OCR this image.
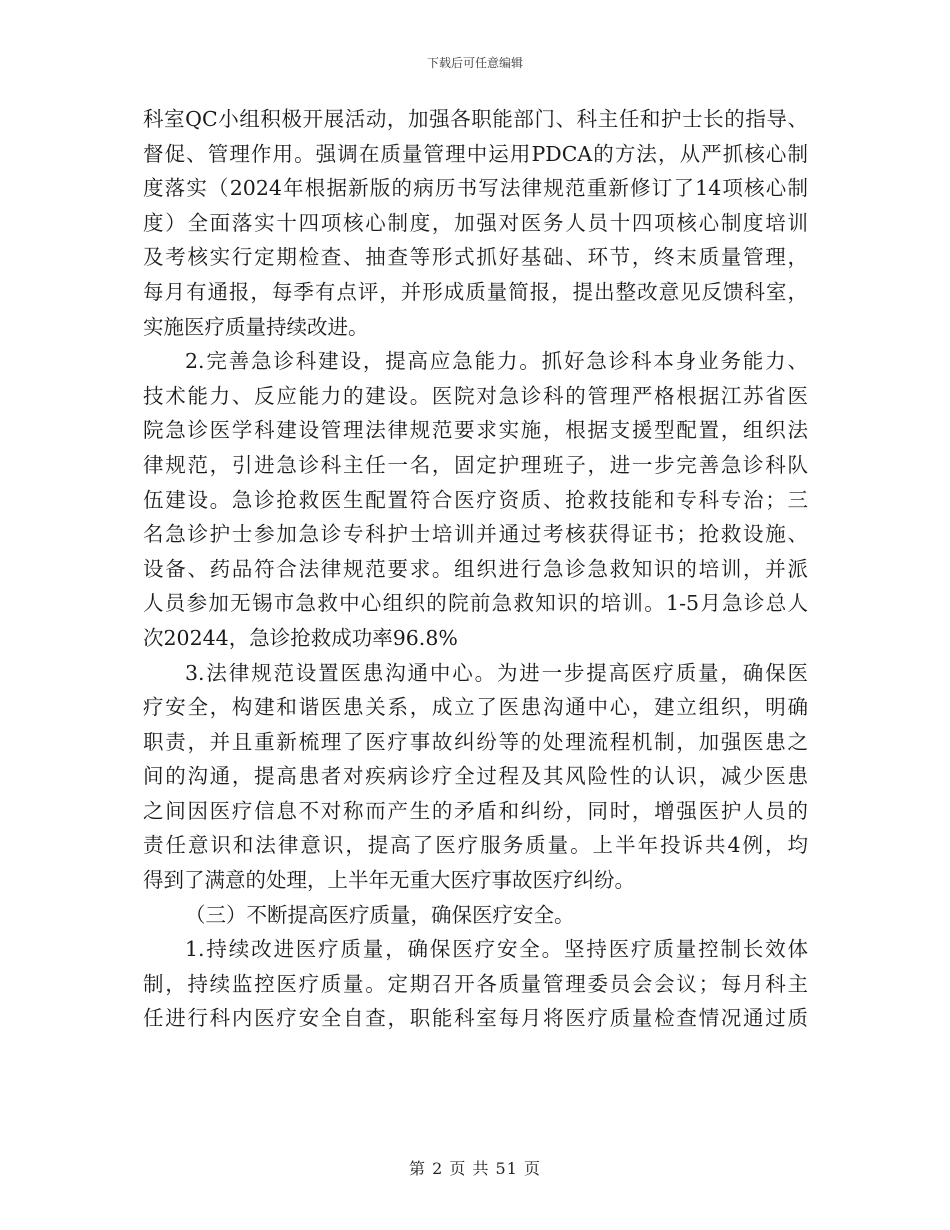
下载后可任意编辑
科室QC小组积极开展活动，加强各职能部门、科主任和护士长的指导、
督促、管理作用。强调在质量管理中运用PDCA的方法，从严抓核心制
度落实（2024年根据新版的病历书写法律规范重新修订了14项核心制
度）全面落实十四项核心制度，加强对医务人员十四项核心制度培训
及考核实行定期检查、抽查等形式抓好基础、环节，终末质量管理，
每月有通报，每季有点评，并形成质量简报，提出整改意见反馈科室，
实施医疗质量持续改进。
2.完善急诊科建设，提高应急能力。抓好急诊科本身业务能力、
技术能力、反应能力的建设。医院对急诊科的管理严格根据江苏省医
院急诊医学科建设管理法律规范要求实施，根据支援型配置，组织法
律规范，引进急诊科主任一名，固定护理班子，进一步完善急诊科队
伍建设。急诊抢救医生配置符合医疗资质、抢救技能和专科专治；三
名急诊护士参加急诊专科护士培训并通过考核获得证书；抢救设施、
设备、药品符合法律规范要求。组织进行急诊急救知识的培训，并派
人员参加无锡市急救中心组织的院前急救知识的培训。1-5月急诊总人
次20244，急诊抢救成功率96.8%
3.法律规范设置医患沟通中心。为进一步提高医疗质量，确保医
疗安全，构建和谐医患关系，成立了医患沟通中心，建立组织，明确
职责，并且重新梳理了医疗事故纠纷等的处理流程机制，加强医患之
间的沟通，提高患者对疾病诊疗全过程及其风险性的认识，减少医患
之间因医疗信息不对称而产生的矛盾和纠纷，同时，增强医护人员的
责任意识和法律意识，提高了医疗服务质量。上半年投诉共4例，均
得到了满意的处理，上半年无重大医疗事故医疗纠纷。
（三）不断提高医疗质量，确保医疗安全。
1.持续改进医疗质量，确保医疗安全。坚持医疗质量控制长效体
制，持续监控医疗质量。定期召开各质量管理委员会会议；每月科主
任进行科内医疗安全自查，职能科室每月将医疗质量检查情况通过质
第 2 页 共 51 页
